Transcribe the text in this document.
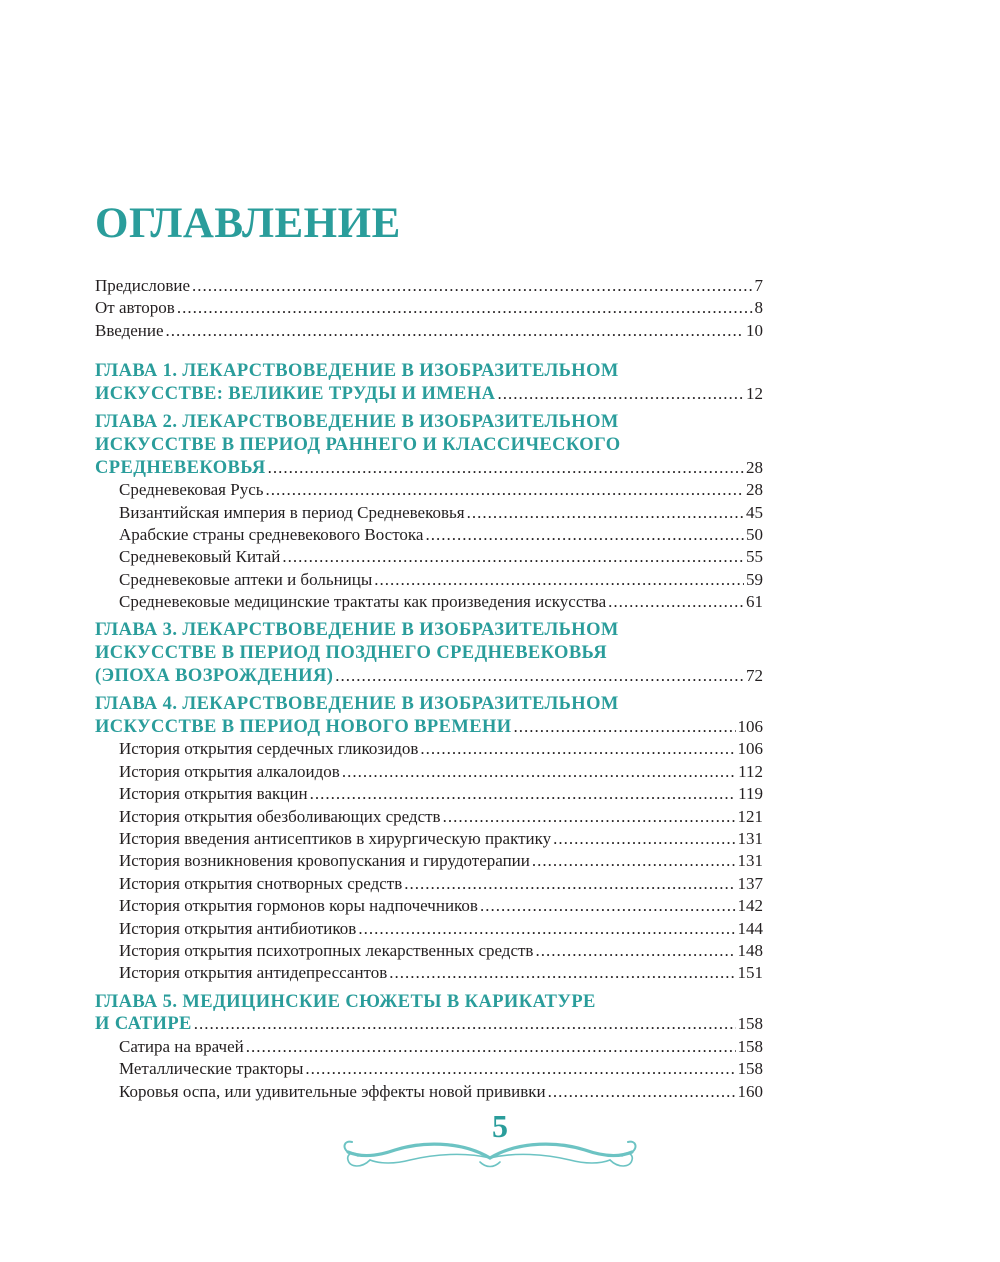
ОГЛАВЛЕНИЕ
Предисловие .....	7
От авторов .....	8
Введение .....	10
ГЛАВА 1. ЛЕКАРСТВОВЕДЕНИЕ В ИЗОБРАЗИТЕЛЬНОМ
ИСКУССТВЕ: ВЕЛИКИЕ ТРУДЫ И ИМЕНА .....	12
ГЛАВА 2. ЛЕКАРСТВОВЕДЕНИЕ В ИЗОБРАЗИТЕЛЬНОМ
ИСКУССТВЕ В ПЕРИОД РАННЕГО И КЛАССИЧЕСКОГО
СРЕДНЕВЕКОВЬЯ .....	28
Средневековая Русь .....	28
Византийская империя в период Средневековья .....	45
Арабские страны средневекового Востока .....	50
Средневековый Китай .....	55
Средневековые аптеки и больницы .....	59
Средневековые медицинские трактаты как произведения искусства .....	61
ГЛАВА 3. ЛЕКАРСТВОВЕДЕНИЕ В ИЗОБРАЗИТЕЛЬНОМ
ИСКУССТВЕ В ПЕРИОД ПОЗДНЕГО СРЕДНЕВЕКОВЬЯ
(ЭПОХА ВОЗРОЖДЕНИЯ) .....	72
ГЛАВА 4. ЛЕКАРСТВОВЕДЕНИЕ В ИЗОБРАЗИТЕЛЬНОМ
ИСКУССТВЕ В ПЕРИОД НОВОГО ВРЕМЕНИ .....	106
История открытия сердечных гликозидов .....	106
История открытия алкалоидов .....	112
История открытия вакцин .....	119
История открытия обезболивающих средств .....	121
История введения антисептиков в хирургическую практику .....	131
История возникновения кровопускания и гирудотерапии .....	131
История открытия снотворных средств .....	137
История открытия гормонов коры надпочечников .....	142
История открытия антибиотиков .....	144
История открытия психотропных лекарственных средств .....	148
История открытия антидепрессантов .....	151
ГЛАВА 5. МЕДИЦИНСКИЕ СЮЖЕТЫ В КАРИКАТУРЕ
И САТИРЕ .....	158
Сатира на врачей .....	158
Металлические тракторы .....	158
Коровья оспа, или удивительные эффекты новой прививки .....	160
5
